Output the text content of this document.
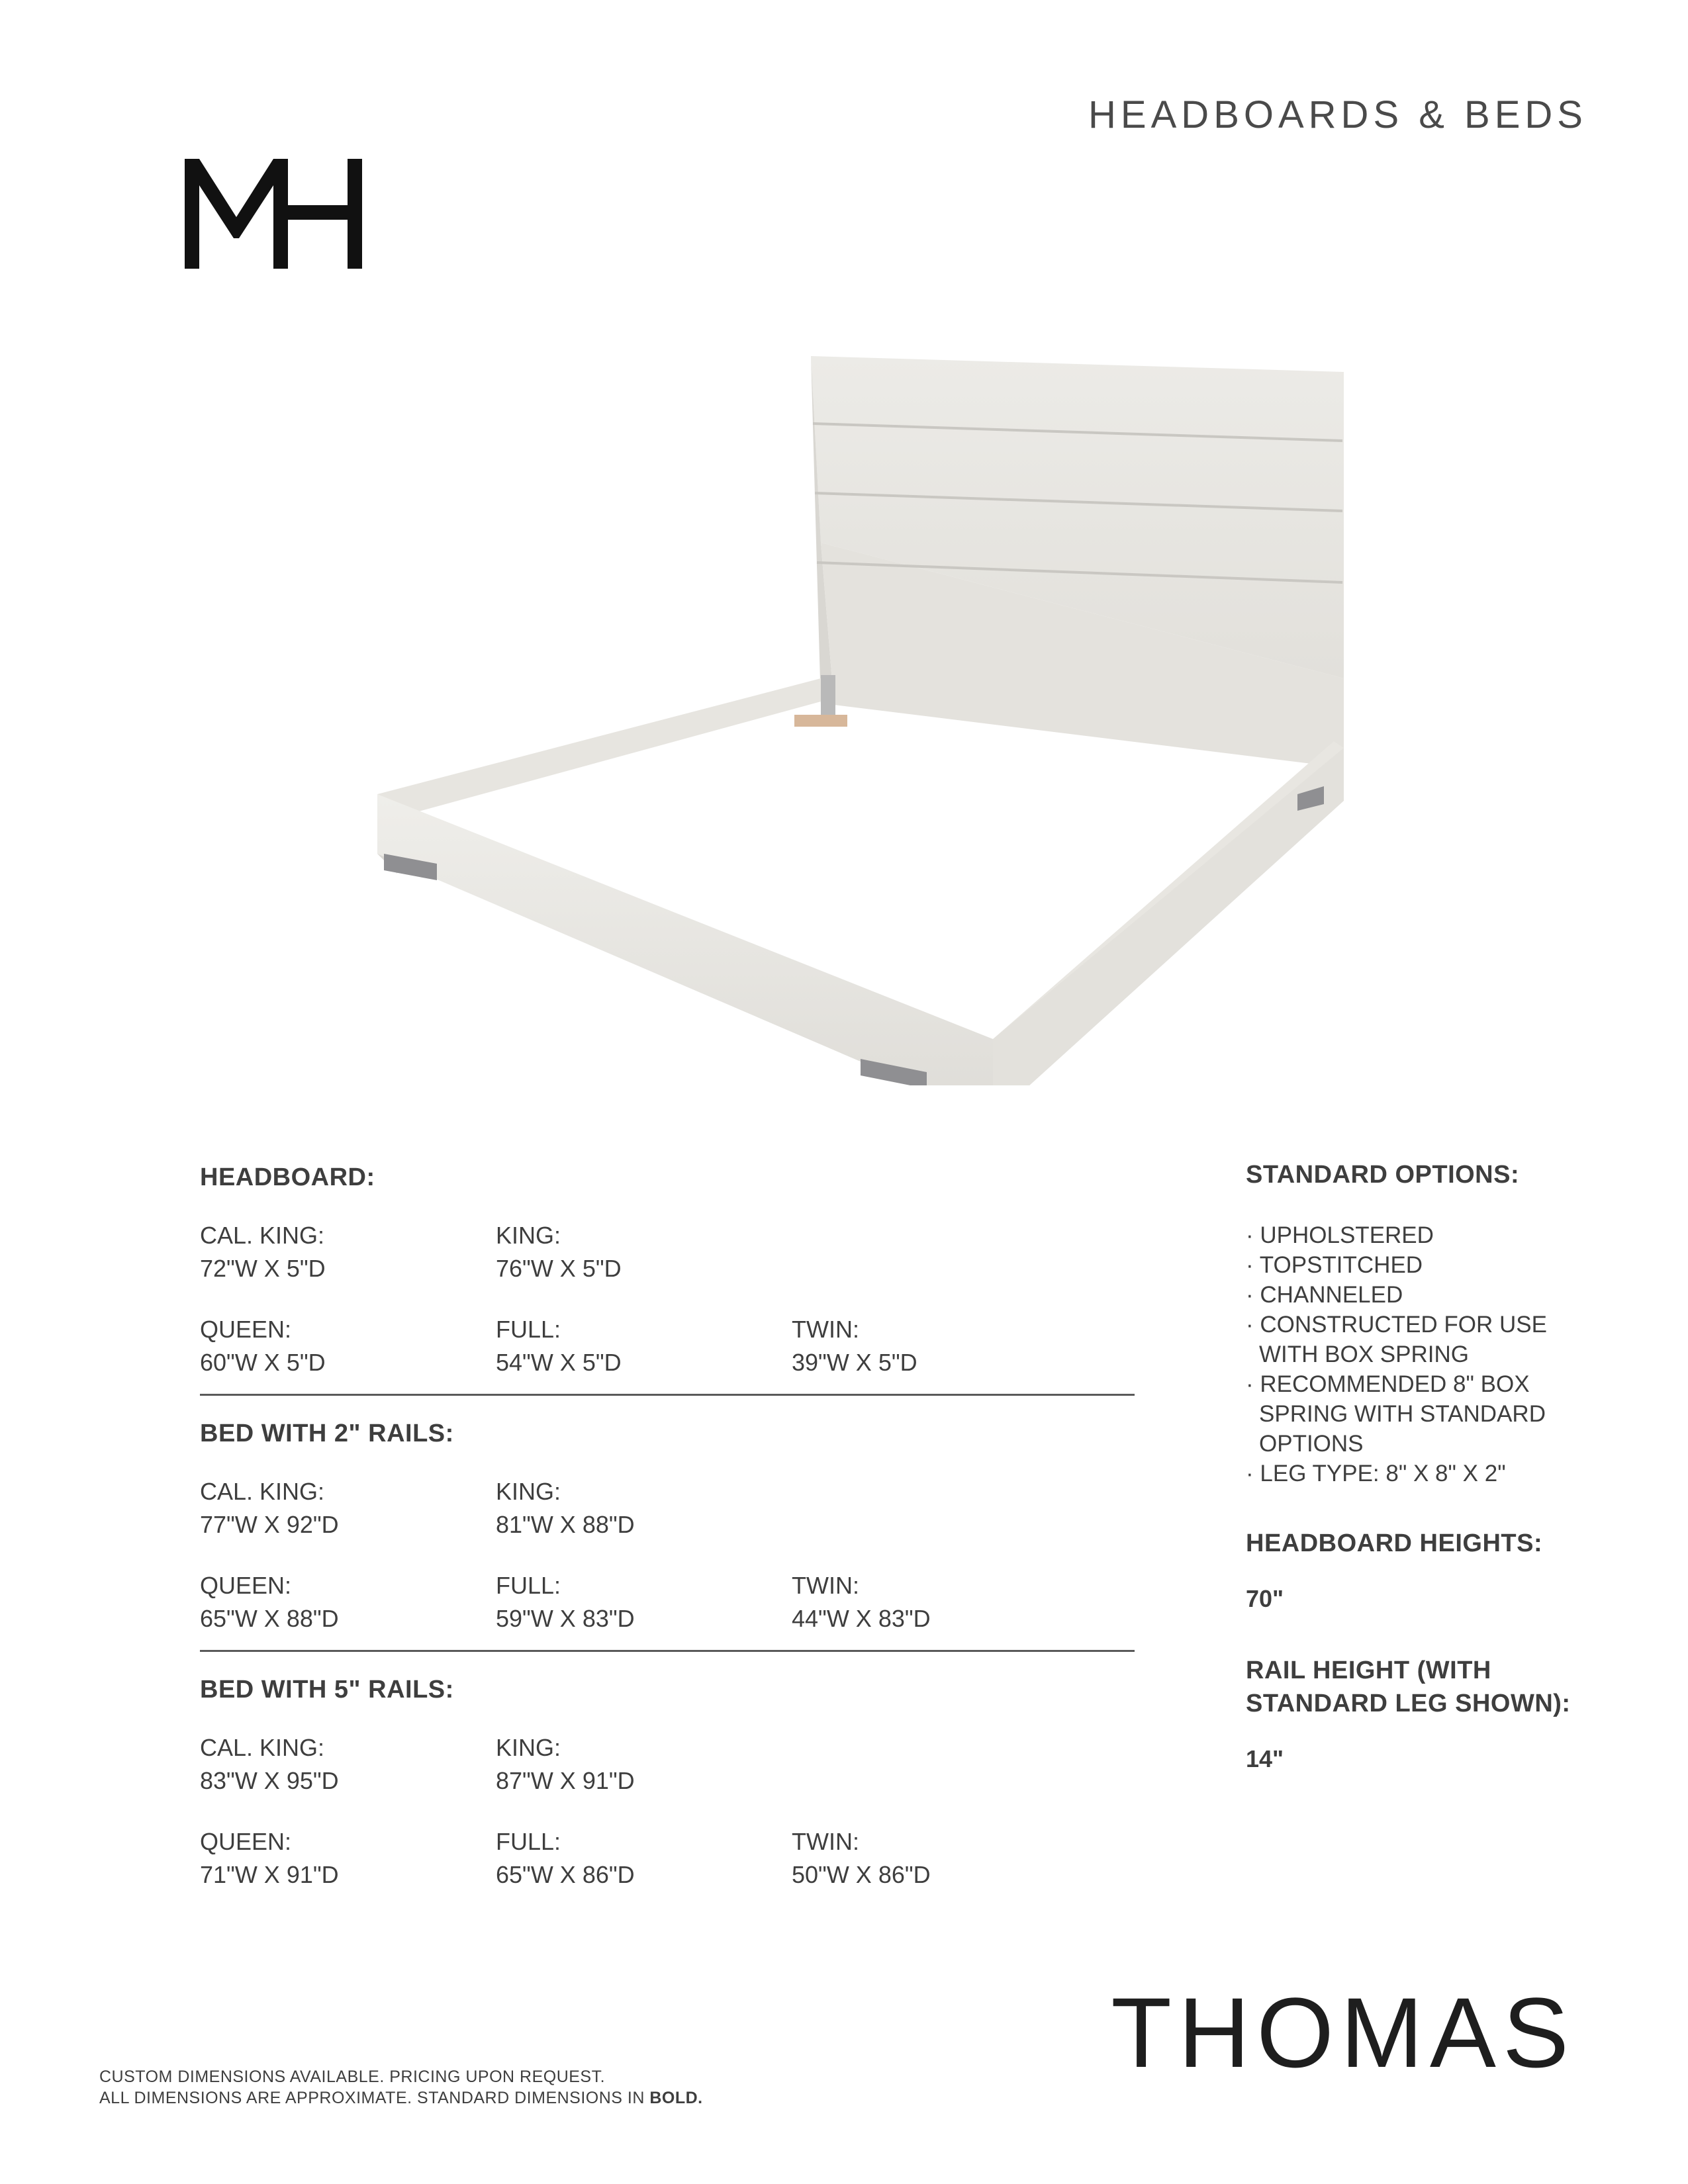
HEADBOARDS & BEDS
HEADBOARD:
CAL. KING:
72"W X 5"D
KING:
76"W X 5"D
QUEEN:
60"W X 5"D
FULL:
54"W X 5"D
TWIN:
39"W X 5"D
BED WITH 2" RAILS:
CAL. KING:
77"W X 92"D
KING:
81"W X 88"D
QUEEN:
65"W X 88"D
FULL:
59"W X 83"D
TWIN:
44"W X 83"D
BED WITH 5" RAILS:
CAL. KING:
83"W X 95"D
KING:
87"W X 91"D
QUEEN:
71"W X 91"D
FULL:
65"W X 86"D
TWIN:
50"W X 86"D
STANDARD OPTIONS:
· UPHOLSTERED
· TOPSTITCHED
· CHANNELED
· CONSTRUCTED FOR USE WITH BOX SPRING
· RECOMMENDED 8" BOX SPRING WITH STANDARD OPTIONS
· LEG TYPE: 8" X 8" X 2"
HEADBOARD HEIGHTS:
70"
RAIL HEIGHT (WITH STANDARD LEG SHOWN):
14"
THOMAS
CUSTOM DIMENSIONS AVAILABLE. PRICING UPON REQUEST.
ALL DIMENSIONS ARE APPROXIMATE. STANDARD DIMENSIONS IN BOLD.
